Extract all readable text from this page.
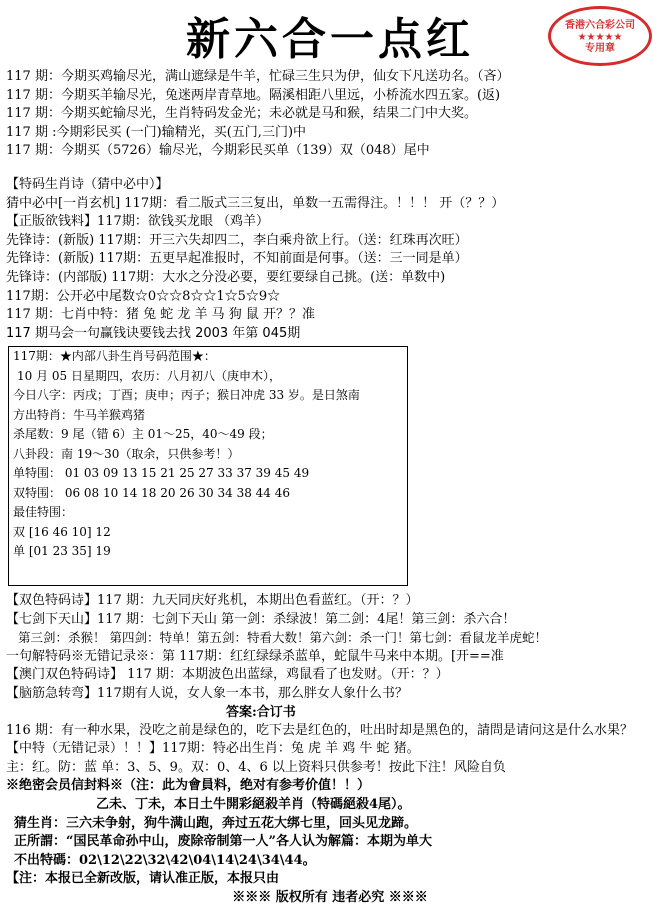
新六合一点红	香港六合彩公司
★★★★★
专用章
117 期：今期买鸡输尽光，满山遮绿是牛羊，忙碌三生只为伊，仙女下凡送功名。（吝）
117 期：今期买羊输尽光，兔迷两岸青草地。隔溪相距八里远，小桥流水四五家。(返)
117 期：今期买蛇输尽光，生肖特码发金光；未必就是马和猴，结果二门中大奖。
117 期 :今期彩民买 (一门)输精光，买(五门,三门)中
117 期：今期买（5726）输尽光，今期彩民买单（139）双（048）尾中
【特码生肖诗（猜中必中）】
猜中必中[一肖玄机] 117期：看二版式三三复出，单数一五需得注。！！！ 开（？？）
【正版欲钱料】117期：欲钱买龙眼 （鸡羊）
先锋诗：(新版) 117期：开三六失却四二，李白乘舟欲上行。（送：红珠再次旺）
先锋诗：(新版) 117期：五更早起准报时，不知前面是何事。（送：三一同是单）
先锋诗：(内部版) 117期：大水之分没必要，要红要绿自己挑。(送：单数中)
117期：公开必中尾数☆0☆☆8☆☆1☆5☆9☆
117 期：七肖中特：猪 兔 蛇 龙 羊 马 狗 鼠 开？？准
117 期马会一句赢钱诀要钱去找 2003 年第 045期
117期：★内部八卦生肖号码范围★：
10 月 05 日星期四，农历：八月初八（庚申木），
今日八字：丙戌；丁酉；庚申；丙子；猴日冲虎 33 岁。是日煞南
方出特肖：牛马羊猴鸡猪
杀尾数：9 尾（错 6）主 01～25，40～49 段；
八卦段：南 19～30（取余，只供参考！）
单特围： 01 03 09 13 15 21 25 27 33 37 39 45 49
双特围： 06 08 10 14 18 20 26 30 34 38 44 46
最佳特围：
双 [16 46 10] 12
单 [01 23 35] 19
【双色特码诗】117 期：九天同庆好兆机，本期出色看蓝红。（开：？）
【七剑下天山】117 期：七剑下天山 第一剑：杀绿波！第二剑：4尾！第三剑：杀六合！
第三剑：杀猴！ 第四剑：特单！第五剑：特看大数！第六剑：杀一门！第七剑：看鼠龙羊虎蛇！
一句解特码※无错记录※：第 117期：红红绿绿杀蓝单，蛇鼠牛马来中本期。[开==准
【澳门双色特码诗】 117 期：本期波色出蓝绿，鸡鼠看了也发财。（开：？）
【脑筋急转弯】117期有人说，女人象一本书，那么胖女人象什么书？
答案:合订书
116 期：有一种水果，没吃之前是绿色的，吃下去是红色的，吐出时却是黑色的，請問是请问这是什么水果？
【中特（无错记录）！！】117期：特必出生肖：兔 虎 羊 鸡 牛 蛇 猪。
主：红。防：蓝 单：3、5、9。双：0、4、6 以上资料只供参考！按此下注！风险自负
※绝密会员信封料※（注：此为會員料，绝对有参考价值！！）
乙未、丁未，本日土牛開彩絕殺羊肖（特碼絕殺4尾）。
猜生肖：三六未争射，狗牛满山跑，奔过五花大绑七里，回头见龙蹄。
正所謂：“国民革命孙中山，废除帝制第一人”各人认为解篇：本期为单大
不出特碼：02\12\22\32\42\04\14\24\34\44。
【注：本报已全新改版，请认准正版，本报只由
※※※ 版权所有 违者必究 ※※※
